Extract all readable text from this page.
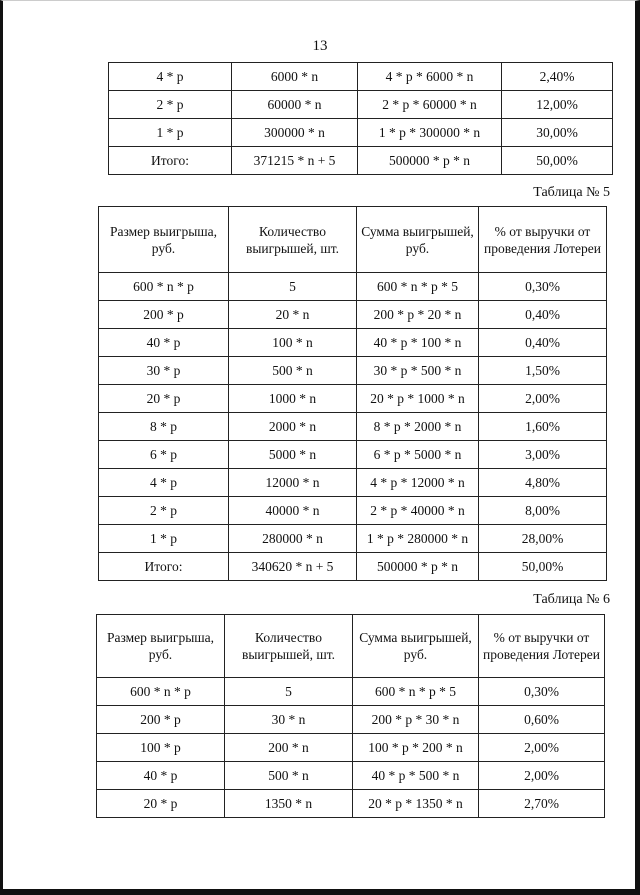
13
4 * p	6000 * n	4 * p * 6000 * n	2,40%
2 * p	60000 * n	2 * p * 60000 * n	12,00%
1 * p	300000 * n	1 * p * 300000 * n	30,00%
Итого:	371215 * n + 5	500000 * p * n	50,00%
Таблица № 5
Размер выигрыша, руб.	Количество выигрышей, шт.	Сумма выигрышей, руб.	% от выручки от проведения Лотереи
600 * n * p	5	600 * n * p * 5	0,30%
200 * p	20 * n	200 * p * 20 * n	0,40%
40 * p	100 * n	40 * p * 100 * n	0,40%
30 * p	500 * n	30 * p * 500 * n	1,50%
20 * p	1000 * n	20 * p * 1000 * n	2,00%
8 * p	2000 * n	8 * p * 2000 * n	1,60%
6 * p	5000 * n	6 * p * 5000 * n	3,00%
4 * p	12000 * n	4 * p * 12000 * n	4,80%
2 * p	40000 * n	2 * p * 40000 * n	8,00%
1 * p	280000 * n	1 * p * 280000 * n	28,00%
Итого:	340620 * n + 5	500000 * p * n	50,00%
Таблица № 6
Размер выигрыша, руб.	Количество выигрышей, шт.	Сумма выигрышей, руб.	% от выручки от проведения Лотереи
600 * n * p	5	600 * n * p * 5	0,30%
200 * p	30 * n	200 * p * 30 * n	0,60%
100 * p	200 * n	100 * p * 200 * n	2,00%
40 * p	500 * n	40 * p * 500 * n	2,00%
20 * p	1350 * n	20 * p * 1350 * n	2,70%
